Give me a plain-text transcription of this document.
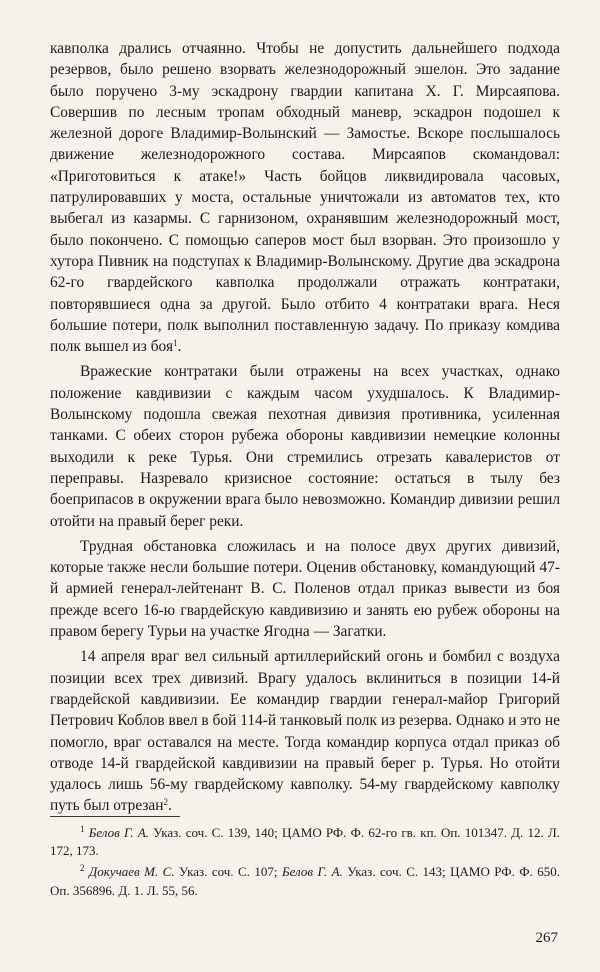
кавполка дрались отчаянно. Чтобы не допустить дальнейшего подхода резервов, было решено взорвать железнодорожный эшелон. Это задание было поручено 3-му эскадрону гвардии капитана Х. Г. Мирсаяпова. Совершив по лесным тропам обходный маневр, эскадрон подошел к железной дороге Владимир-Волынский — Замостье. Вскоре послышалось движение железнодорожного состава. Мирсаяпов скомандовал: «Приготовиться к атаке!» Часть бойцов ликвидировала часовых, патрулировавших у моста, остальные уничтожали из автоматов тех, кто выбегал из казармы. С гарнизоном, охранявшим железнодорожный мост, было покончено. С помощью саперов мост был взорван. Это произошло у хутора Пивник на подступах к Владимир-Волынскому. Другие два эскадрона 62-го гвардейского кавполка продолжали отражать контратаки, повторявшиеся одна за другой. Было отбито 4 контратаки врага. Неся большие потери, полк выполнил поставленную задачу. По приказу комдива полк вышел из боя$^1$.

Вражеские контратаки были отражены на всех участках, однако положение кавдивизии с каждым часом ухудшалось. К Владимир-Волынскому подошла свежая пехотная дивизия противника, усиленная танками. С обеих сторон рубежа обороны кавдивизии немецкие колонны выходили к реке Турья. Они стремились отрезать кавалеристов от переправы. Назревало кризисное состояние: остаться в тылу без боеприпасов в окружении врага было невозможно. Командир дивизии решил отойти на правый берег реки.

Трудная обстановка сложилась и на полосе двух других дивизий, которые также несли большие потери. Оценив обстановку, командующий 47-й армией генерал-лейтенант В. С. Поленов отдал приказ вывести из боя прежде всего 16-ю гвардейскую кавдивизию и занять ею рубеж обороны на правом берегу Турьи на участке Ягодна — Загатки.

14 апреля враг вел сильный артиллерийский огонь и бомбил с воздуха позиции всех трех дивизий. Врагу удалось вклиниться в позиции 14-й гвардейской кавдивизии. Ее командир гвардии генерал-майор Григорий Петрович Коблов ввел в бой 114-й танковый полк из резерва. Однако и это не помогло, враг оставался на месте. Тогда командир корпуса отдал приказ об отводе 14-й гвардейской кавдивизии на правый берег р. Турья. Но отойти удалось лишь 56-му гвардейскому кавполку. 54-му гвардейскому кавполку путь был отрезан$^2$.

$^1$ Белов Г. А. Указ. соч. С. 139, 140; ЦАМО РФ. Ф. 62-го гв. кп. Оп. 101347. Д. 12. Л. 172, 173.

$^2$ Докучаев М. С. Указ. соч. С. 107; Белов Г. А. Указ. соч. С. 143; ЦАМО РФ. Ф. 650. Оп. 356896. Д. 1. Л. 55, 56.

267
